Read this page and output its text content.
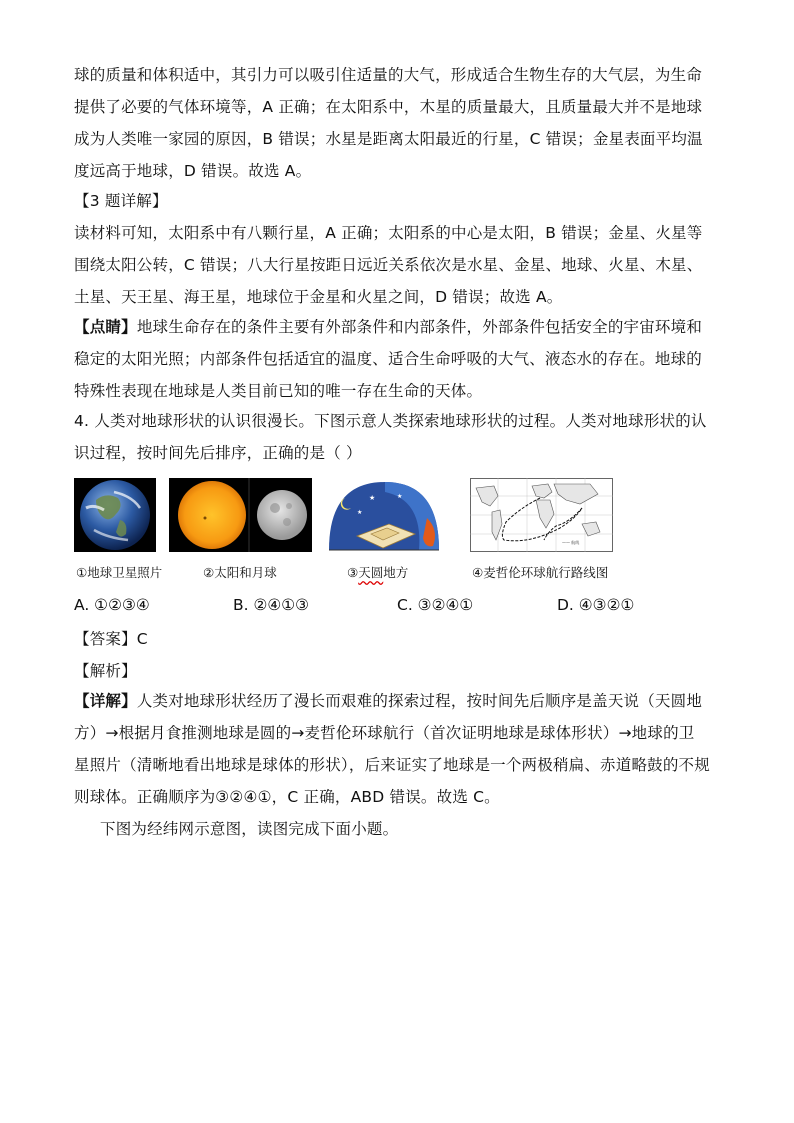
球的质量和体积适中，其引力可以吸引住适量的大气，形成适合生物生存的大气层，为生命
提供了必要的气体环境等，A 正确；在太阳系中，木星的质量最大，且质量最大并不是地球
成为人类唯一家园的原因，B 错误；水星是距离太阳最近的行星，C 错误；金星表面平均温
度远高于地球，D 错误。故选 A。
【3 题详解】
读材料可知，太阳系中有八颗行星，A 正确；太阳系的中心是太阳，B 错误；金星、火星等
围绕太阳公转，C 错误；八大行星按距日远近关系依次是水星、金星、地球、火星、木星、
土星、天王星、海王星，地球位于金星和火星之间，D 错误；故选 A。
【点睛】地球生命存在的条件主要有外部条件和内部条件，外部条件包括安全的宇宙环境和
稳定的太阳光照；内部条件包括适宜的温度、适合生命呼吸的大气、液态水的存在。地球的
特殊性表现在地球是人类目前已知的唯一存在生命的天体。
4. 人类对地球形状的认识很漫长。下图示意人类探索地球形状的过程。人类对地球形状的认
识过程，按时间先后排序，正确的是（ ）
★
★
★
—— 航线
①地球卫星照片	②太阳和月球	③天圆地方	④麦哲伦环球航行路线图
A. ①②③④	B. ②④①③	C. ③②④①	D. ④③②①
【答案】C
【解析】
【详解】人类对地球形状经历了漫长而艰难的探索过程，按时间先后顺序是盖天说（天圆地
方）→根据月食推测地球是圆的→麦哲伦环球航行（首次证明地球是球体形状）→地球的卫
星照片（清晰地看出地球是球体的形状），后来证实了地球是一个两极稍扁、赤道略鼓的不规
则球体。正确顺序为③②④①，C 正确，ABD 错误。故选 C。
下图为经纬网示意图，读图完成下面小题。
